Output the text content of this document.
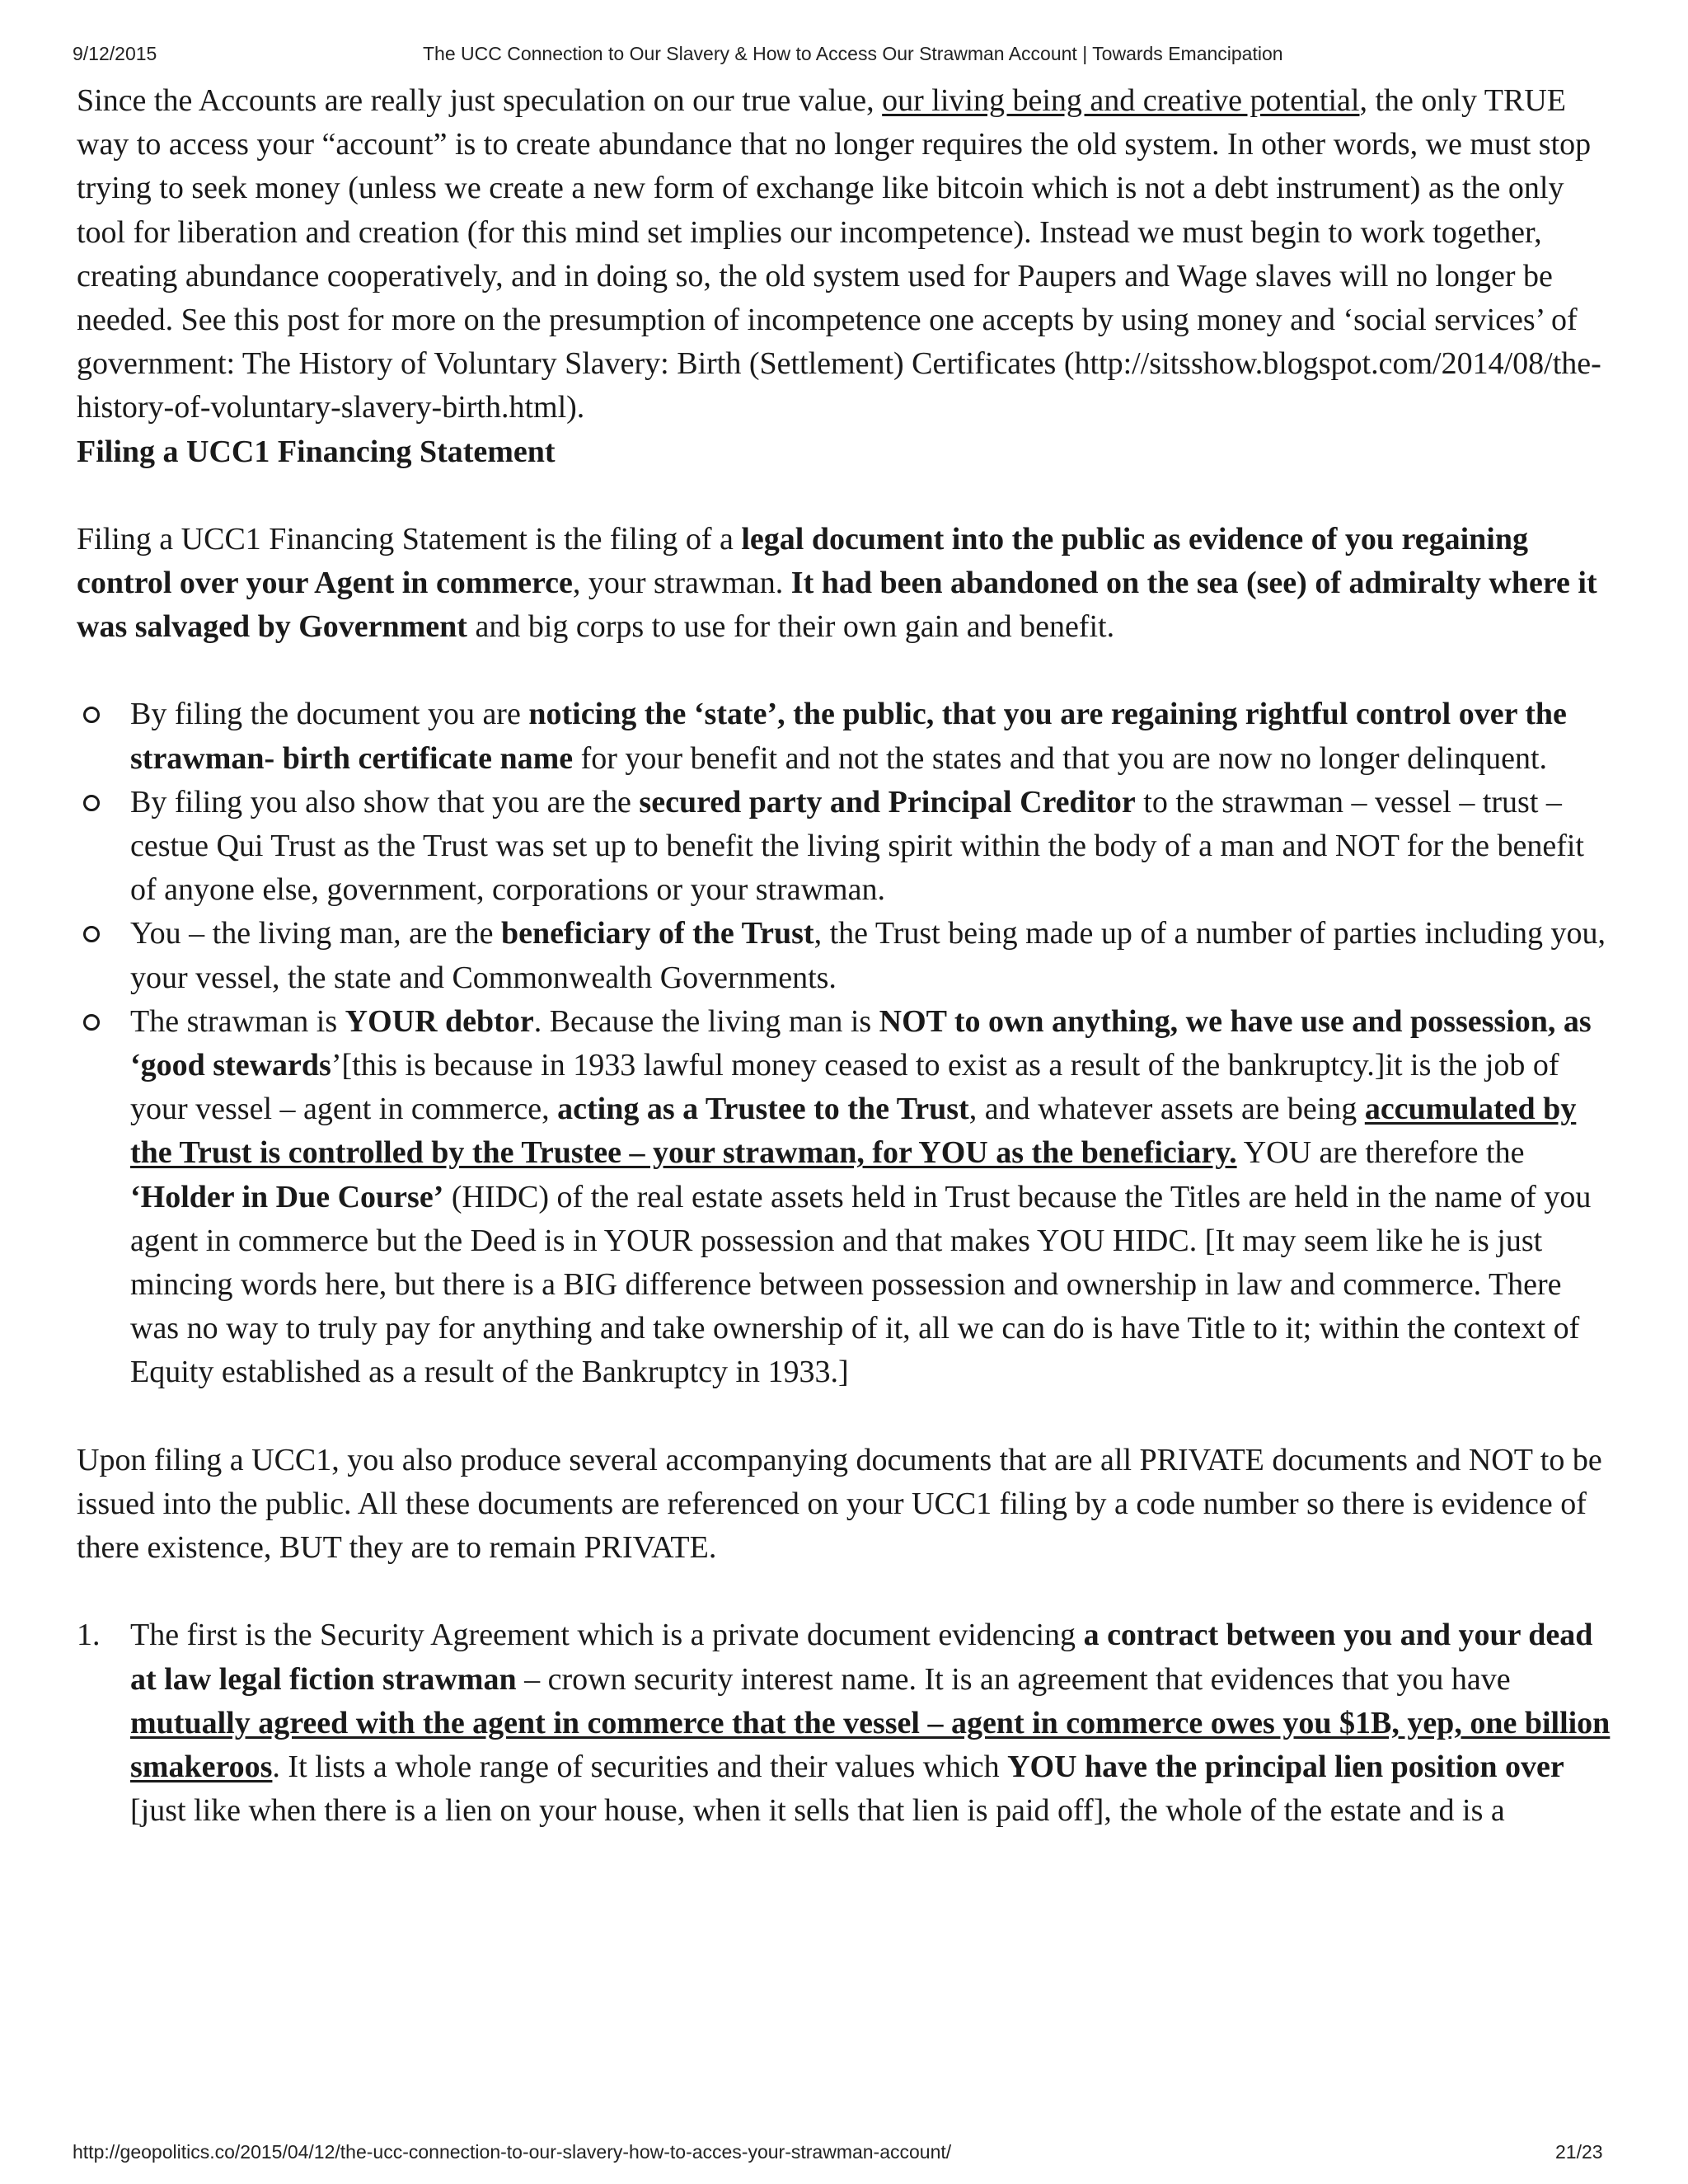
9/12/2015	The UCC Connection to Our Slavery & How to Access Our Strawman Account | Towards Emancipation

Since the Accounts are really just speculation on our true value, our living being and creative potential, the only TRUE way to access your “account” is to create abundance that no longer requires the old system. In other words, we must stop trying to seek money (unless we create a new form of exchange like bitcoin which is not a debt instrument) as the only tool for liberation and creation (for this mind set implies our incompetence). Instead we must begin to work together, creating abundance cooperatively, and in doing so, the old system used for Paupers and Wage slaves will no longer be needed. See this post for more on the presumption of incompetence one accepts by using money and ‘social services’ of government: The History of Voluntary Slavery: Birth (Settlement) Certificates (http://sitsshow.blogspot.com/2014/08/the-history-of-voluntary-slavery-birth.html).

Filing a UCC1 Financing Statement

Filing a UCC1 Financing Statement is the filing of a legal document into the public as evidence of you regaining control over your Agent in commerce, your strawman. It had been abandoned on the sea (see) of admiralty where it was salvaged by Government and big corps to use for their own gain and benefit.

By filing the document you are noticing the ‘state’, the public, that you are regaining rightful control over the strawman- birth certificate name for your benefit and not the states and that you are now no longer delinquent.
By filing you also show that you are the secured party and Principal Creditor to the strawman – vessel – trust – cestue Qui Trust as the Trust was set up to benefit the living spirit within the body of a man and NOT for the benefit of anyone else, government, corporations or your strawman.
You – the living man, are the beneficiary of the Trust, the Trust being made up of a number of parties including you, your vessel, the state and Commonwealth Governments.
The strawman is YOUR debtor. Because the living man is NOT to own anything, we have use and possession, as ‘good stewards’[this is because in 1933 lawful money ceased to exist as a result of the bankruptcy.]it is the job of your vessel – agent in commerce, acting as a Trustee to the Trust, and whatever assets are being accumulated by the Trust is controlled by the Trustee – your strawman, for YOU as the beneficiary. YOU are therefore the ‘Holder in Due Course’ (HIDC) of the real estate assets held in Trust because the Titles are held in the name of you agent in commerce but the Deed is in YOUR possession and that makes YOU HIDC. [It may seem like he is just mincing words here, but there is a BIG difference between possession and ownership in law and commerce. There was no way to truly pay for anything and take ownership of it, all we can do is have Title to it; within the context of Equity established as a result of the Bankruptcy in 1933.]

Upon filing a UCC1, you also produce several accompanying documents that are all PRIVATE documents and NOT to be issued into the public. All these documents are referenced on your UCC1 filing by a code number so there is evidence of there existence, BUT they are to remain PRIVATE.

1. The first is the Security Agreement which is a private document evidencing a contract between you and your dead at law legal fiction strawman – crown security interest name. It is an agreement that evidences that you have mutually agreed with the agent in commerce that the vessel – agent in commerce owes you $1B, yep, one billion smakeroos. It lists a whole range of securities and their values which YOU have the principal lien position over [just like when there is a lien on your house, when it sells that lien is paid off], the whole of the estate and is a
http://geopolitics.co/2015/04/12/the-ucc-connection-to-our-slavery-how-to-acces-your-strawman-account/	21/23
